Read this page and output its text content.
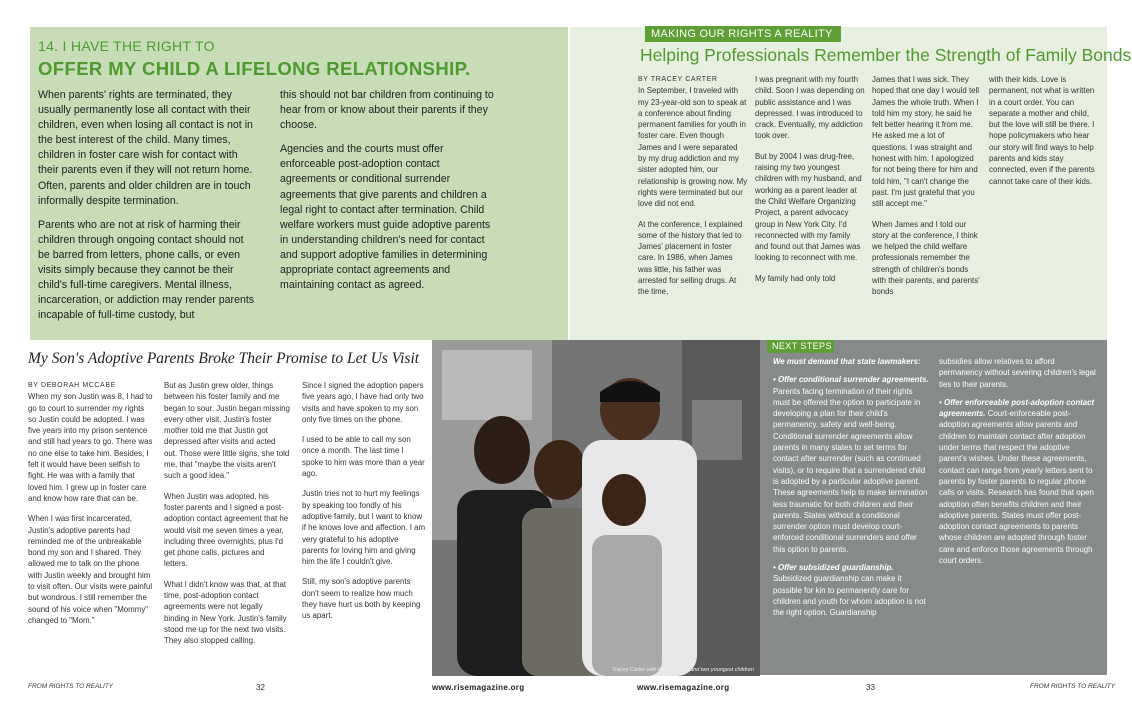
14. I HAVE THE RIGHT TO
OFFER MY CHILD A LIFELONG RELATIONSHIP.

When parents' rights are terminated, they usually permanently lose all contact with their children, even when losing all contact is not in the best interest of the child. Many times, children in foster care wish for contact with their parents even if they will not return home. Often, parents and older children are in touch informally despite termination.

Parents who are not at risk of harming their children through ongoing contact should not be barred from letters, phone calls, or even visits simply because they cannot be their child's full-time caregivers. Mental illness, incarceration, or addiction may render parents incapable of full-time custody, but

this should not bar children from continuing to hear from or know about their parents if they choose.

Agencies and the courts must offer enforceable post-adoption contact agreements or conditional surrender agreements that give parents and children a legal right to contact after termination. Child welfare workers must guide adoptive parents in understanding children's need for contact and support adoptive families in determining appropriate contact agreements and maintaining contact as agreed.

MAKING OUR RIGHTS A REALITY
Helping Professionals Remember the Strength of Family Bonds
BY TRACEY CARTER

In September, I traveled with my 23-year-old son to speak at a conference about finding permanent families for youth in foster care. Even though James and I were separated by my drug addiction and my sister adopted him, our relationship is growing now. My rights were terminated but our love did not end.

At the conference, I explained some of the history that led to James' placement in foster care. In 1986, when James was little, his father was arrested for selling drugs. At the time,

I was pregnant with my fourth child. Soon I was depending on public assistance and I was depressed. I was introduced to crack. Eventually, my addiction took over.

But by 2004 I was drug-free, raising my two youngest children with my husband, and working as a parent leader at the Child Welfare Organizing Project, a parent advocacy group in New York City. I'd reconnected with my family and found out that James was looking to reconnect with me.

My family had only told

James that I was sick. They hoped that one day I would tell James the whole truth. When I told him my story, he said he felt better hearing it from me. He asked me a lot of questions. I was straight and honest with him. I apologized for not being there for him and told him, "I can't change the past. I'm just grateful that you still accept me."

When James and I told our story at the conference, I think we helped the child welfare professionals remember the strength of children's bonds with their parents, and parents' bonds

with their kids. Love is permanent, not what is written in a court order. You can separate a mother and child, but the love will still be there. I hope policymakers who hear our story will find ways to help parents and kids stay connected, even if the parents cannot take care of their kids.

My Son's Adoptive Parents Broke Their Promise to Let Us Visit
BY DEBORAH MCCABE

When my son Justin was 8, I had to go to court to surrender my rights so Justin could be adopted. I was five years into my prison sentence and still had years to go. There was no one else to take him. Besides, I felt it would have been selfish to fight. He was with a family that loved him. I grew up in foster care and know how rare that can be.

When I was first incarcerated, Justin's adoptive parents had reminded me of the unbreakable bond my son and I shared. They allowed me to talk on the phone with Justin weekly and brought him to visit often. Our visits were painful but wondrous. I still remember the sound of his voice when "Mommy" changed to "Mom."

But as Justin grew older, things between his foster family and me began to sour. Justin began missing every other visit. Justin's foster mother told me that Justin got depressed after visits and acted out. Those were little signs, she told me, that "maybe the visits aren't such a good idea."

When Justin was adopted, his foster parents and I signed a post-adoption contact agreement that he would visit me seven times a year, including three overnights, plus I'd get phone calls, pictures and letters.

What I didn't know was that, at that time, post-adoption contact agreements were not legally binding in New York. Justin's family stood me up for the next two visits. They also stopped calling.

Since I signed the adoption papers five years ago, I have had only two visits and have spoken to my son only five times on the phone.

I used to be able to call my son once a month. The last time I spoke to him was more than a year ago.

Justin tries not to hurt my feelings by speaking too fondly of his adoptive family, but I want to know if he knows love and affection. I am very grateful to his adoptive parents for loving him and giving him the life I couldn't give.

Still, my son's adoptive parents don't seem to realize how much they have hurt us both by keeping us apart.

Tracey Carter with her husband and two youngest children
NEXT STEPS

We must demand that state lawmakers:

• Offer conditional surrender agreements. Parents facing termination of their rights must be offered the option to participate in developing a plan for their child's permanency, safety and well-being. Conditional surrender agreements allow parents in many states to set terms for contact after surrender (such as continued visits), or to require that a surrendered child is adopted by a particular adoptive parent. These agreements help to make termination less traumatic for both children and their parents. States without a conditional surrender option must develop court-enforced conditional surrenders and offer this option to parents.

• Offer subsidized guardianship. Subsidized guardianship can make it possible for kin to permanently care for children and youth for whom adoption is not the right option. Guardianship

subsidies allow relatives to afford permanency without severing children's legal ties to their parents.

• Offer enforceable post-adoption contact agreements. Court-enforceable post-adoption agreements allow parents and children to maintain contact after adoption under terms that respect the adoptive parent's wishes. Under these agreements, contact can range from yearly letters sent to parents by foster parents to regular phone calls or visits. Research has found that open adoption often benefits children and their adoptive parents. States must offer post-adoption contact agreements to parents whose children are adopted through foster care and enforce those agreements through court orders.

FROM RIGHTS TO REALITY	32	www.risemagazine.org	www.risemagazine.org	33	FROM RIGHTS TO REALITY
